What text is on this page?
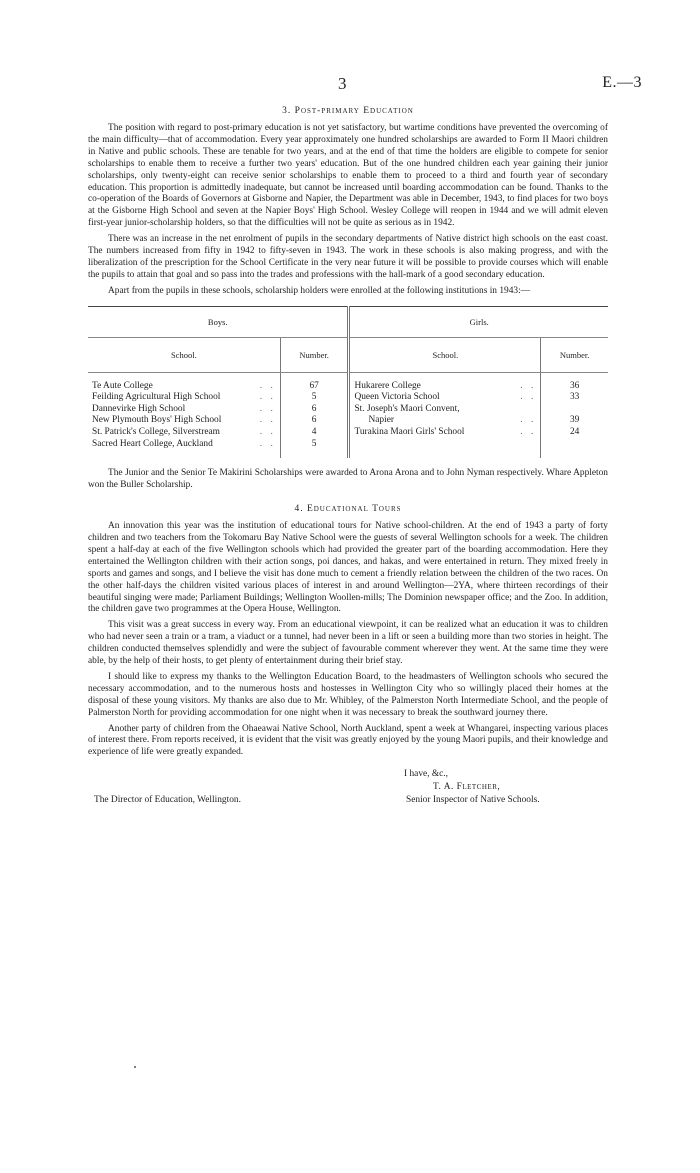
3	E.—3
3. Post-primary Education

The position with regard to post-primary education is not yet satisfactory, but wartime conditions have prevented the overcoming of the main difficulty—that of accommodation. Every year approximately one hundred scholarships are awarded to Form II Maori children in Native and public schools. These are tenable for two years, and at the end of that time the holders are eligible to compete for senior scholarships to enable them to receive a further two years' education. But of the one hundred children each year gaining their junior scholarships, only twenty-eight can receive senior scholarships to enable them to proceed to a third and fourth year of secondary education. This proportion is admittedly inadequate, but cannot be increased until boarding accommodation can be found. Thanks to the co-operation of the Boards of Governors at Gisborne and Napier, the Department was able in December, 1943, to find places for two boys at the Gisborne High School and seven at the Napier Boys' High School. Wesley College will reopen in 1944 and we will admit eleven first-year junior-scholarship holders, so that the difficulties will not be quite as serious as in 1942.

There was an increase in the net enrolment of pupils in the secondary departments of Native district high schools on the east coast. The numbers increased from fifty in 1942 to fifty-seven in 1943. The work in these schools is also making progress, and with the liberalization of the prescription for the School Certificate in the very near future it will be possible to provide courses which will enable the pupils to attain that goal and so pass into the trades and professions with the hall-mark of a good secondary education.

Apart from the pupils in these schools, scholarship holders were enrolled at the following institutions in 1943:—

Boys.		Girls.	
School.	Number.	School.	Number.

Te Aute College . .	67	Hukarere College . .	36
Feilding Agricultural High School . .	5	Queen Victoria School . .	33
Dannevirke High School . .	6	St. Joseph's Maori Convent,	
New Plymouth Boys' High School . .	6	Napier . .	39
St. Patrick's College, Silverstream . .	4	Turakina Maori Girls' School . .	24
Sacred Heart College, Auckland . .	5		

The Junior and the Senior Te Makirini Scholarships were awarded to Arona Arona and to John Nyman respectively. Whare Appleton won the Buller Scholarship.

4. Educational Tours

An innovation this year was the institution of educational tours for Native school-children. At the end of 1943 a party of forty children and two teachers from the Tokomaru Bay Native School were the guests of several Wellington schools for a week. The children spent a half-day at each of the five Wellington schools which had provided the greater part of the boarding accommodation. Here they entertained the Wellington children with their action songs, poi dances, and hakas, and were entertained in return. They mixed freely in sports and games and songs, and I believe the visit has done much to cement a friendly relation between the children of the two races. On the other half-days the children visited various places of interest in and around Wellington—2YA, where thirteen recordings of their beautiful singing were made; Parliament Buildings; Wellington Woollen-mills; The Dominion newspaper office; and the Zoo. In addition, the children gave two programmes at the Opera House, Wellington.

This visit was a great success in every way. From an educational viewpoint, it can be realized what an education it was to children who had never seen a train or a tram, a viaduct or a tunnel, had never been in a lift or seen a building more than two stories in height. The children conducted themselves splendidly and were the subject of favourable comment wherever they went. At the same time they were able, by the help of their hosts, to get plenty of entertainment during their brief stay.

I should like to express my thanks to the Wellington Education Board, to the headmasters of Wellington schools who secured the necessary accommodation, and to the numerous hosts and hostesses in Wellington City who so willingly placed their homes at the disposal of these young visitors. My thanks are also due to Mr. Whibley, of the Palmerston North Intermediate School, and the people of Palmerston North for providing accommodation for one night when it was necessary to break the southward journey there.

Another party of children from the Ohaeawai Native School, North Auckland, spent a week at Whangarei, inspecting various places of interest there. From reports received, it is evident that the visit was greatly enjoyed by the young Maori pupils, and their knowledge and experience of life were greatly expanded.

I have, &c.,
T. A. Fletcher,
Senior Inspector of Native Schools.
The Director of Education, Wellington.
